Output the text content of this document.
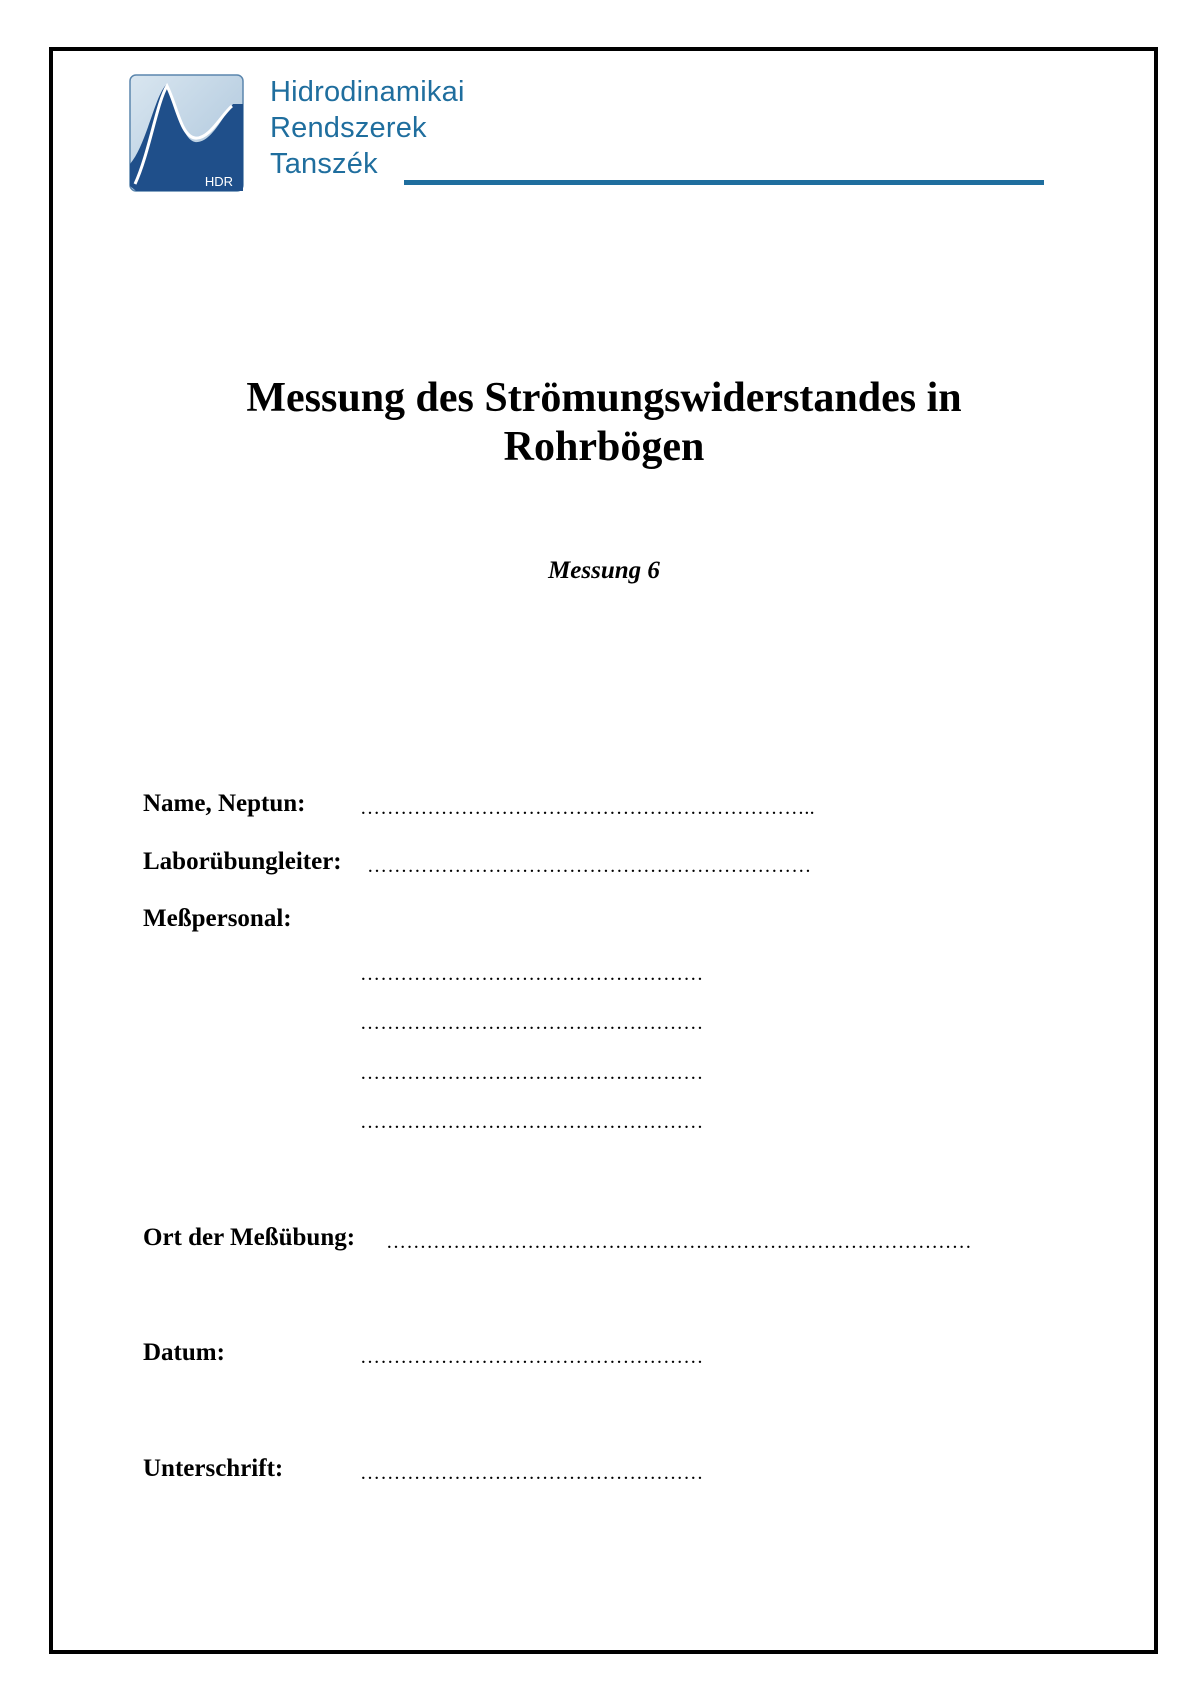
HDR
Hidrodinamikai
Rendszerek
Tanszék
Messung des Strömungswiderstandes in
Rohrbögen
Messung 6
Name, Neptun:	…………………………………………………………..
Laborübungleiter: …………………………………………………………
Meßpersonal:
……………………………………………
……………………………………………
……………………………………………
……………………………………………
Ort der Meßübung: ……………………………………………………………………………
Datum:	……………………………………………
Unterschrift:	……………………………………………
